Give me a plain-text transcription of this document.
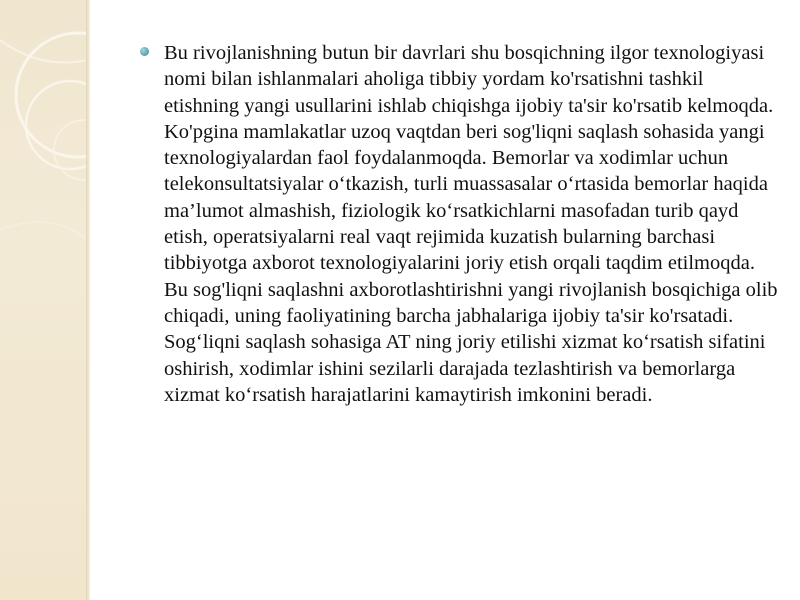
Bu rivojlanishning butun bir davrlari shu bosqichning ilgor texnologiyasi nomi bilan ishlanmalari aholiga tibbiy yordam ko'rsatishni tashkil etishning yangi usullarini ishlab chiqishga ijobiy ta'sir ko'rsatib kelmoqda. Ko'pgina mamlakatlar uzoq vaqtdan beri sog'liqni saqlash sohasida yangi texnologiyalardan faol foydalanmoqda. Bemorlar va xodimlar uchun telekonsultatsiyalar o‘tkazish, turli muassasalar o‘rtasida bemorlar haqida ma’lumot almashish, fiziologik ko‘rsatkichlarni masofadan turib qayd etish, operatsiyalarni real vaqt rejimida kuzatish bularning barchasi tibbiyotga axborot texnologiyalarini joriy etish orqali taqdim etilmoqda. Bu sog'liqni saqlashni axborotlashtirishni yangi rivojlanish bosqichiga olib chiqadi, uning faoliyatining barcha jabhalariga ijobiy ta'sir ko'rsatadi. Sog‘liqni saqlash sohasiga AT ning joriy etilishi xizmat ko‘rsatish sifatini oshirish, xodimlar ishini sezilarli darajada tezlashtirish va bemorlarga xizmat ko‘rsatish harajatlarini kamaytirish imkonini beradi.
